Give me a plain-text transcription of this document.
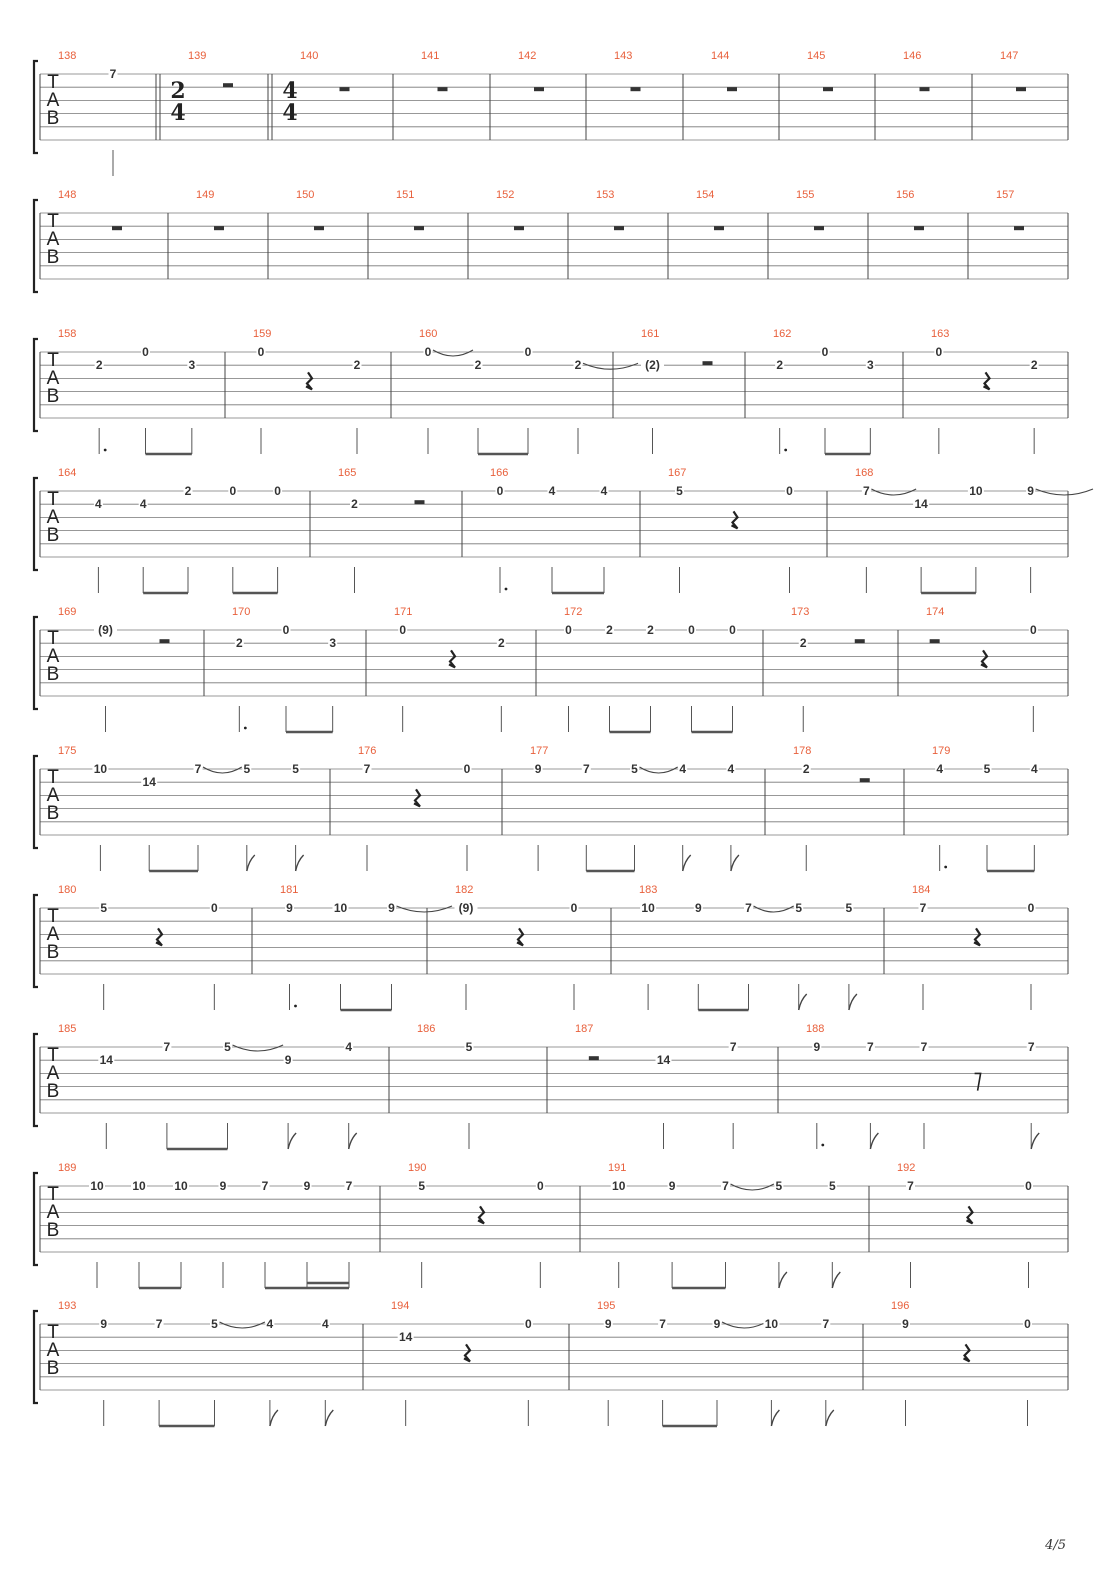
T
A
B
138
7
139
2
4
140
4
4
141	142	143	144	145	146	147
T
A
B
148	149	150	151	152	153	154	155	156	157
T
A
B
158
2
0
3
159
0
2
160
0
2
0
2
161
(2)
162
2
0
3
163
0
2
T
A
B
164
4	4
2	0	0
165
2
166
0	4	4
167
5	0
168
7
14
10	9
T
A
B
169
(9)
170
2
0
3
171
0
2
172
0	2	2	0	0
173
2
174
0
T
A
B
175
10
14
7	5	5
176
7	0
177
9	7	5	4	4
178
2
179
4	5	4
T
A
B
180
5	0
181
9	10	9
182
(9)	0
183
10	9	7	5	5
184
7	0
T
A
B
185
14
7	5
9
4
186
5
187
14
7
188
9	7	7	7
T
A
B
189
10 10 10	9	7	9	7
190
5	0
191
10	9	7	5	5
192
7	0
T
A
B
193
9	7	5	4	4
194
14
0
195
9	7	9	10	7
196
9	0
4/5
